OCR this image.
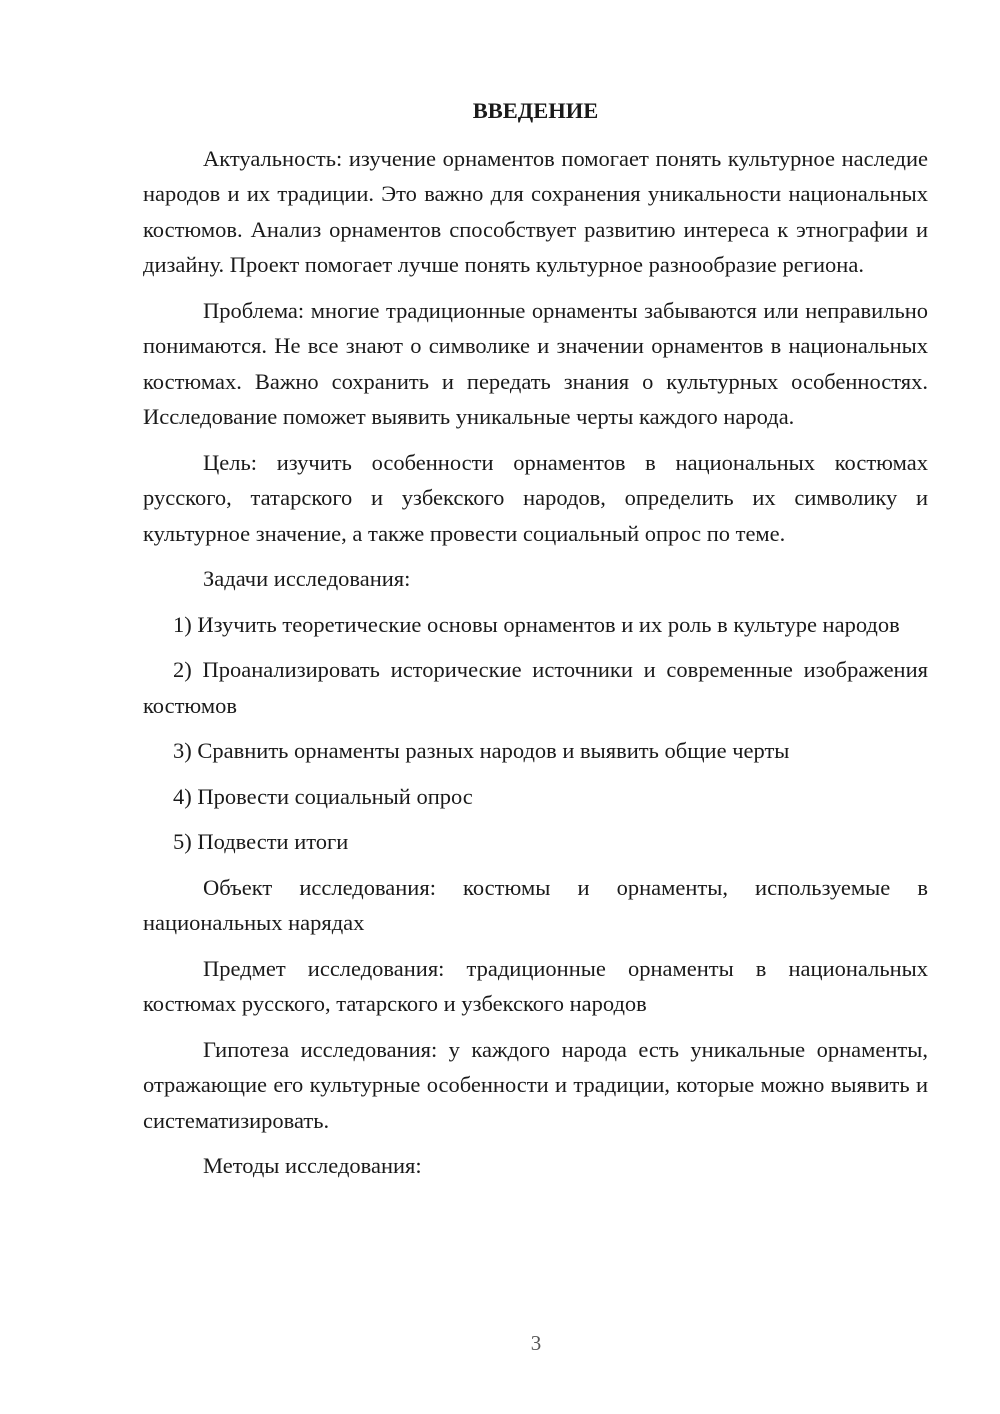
ВВЕДЕНИЕ

Актуальность: изучение орнаментов помогает понять культурное наследие народов и их традиции. Это важно для сохранения уникальности национальных костюмов. Анализ орнаментов способствует развитию интереса к этнографии и дизайну. Проект помогает лучше понять культурное разнообразие региона.

Проблема: многие традиционные орнаменты забываются или неправильно понимаются. Не все знают о символике и значении орнаментов в национальных костюмах. Важно сохранить и передать знания о культурных особенностях. Исследование поможет выявить уникальные черты каждого народа.

Цель: изучить особенности орнаментов в национальных костюмах русского, татарского и узбекского народов, определить их символику и культурное значение, а также провести социальный опрос по теме.

Задачи исследования:

1) Изучить теоретические основы орнаментов и их роль в культуре народов

2) Проанализировать исторические источники и современные изображения костюмов

3) Сравнить орнаменты разных народов и выявить общие черты

4) Провести социальный опрос

5) Подвести итоги

Объект исследования: костюмы и орнаменты, используемые в национальных нарядах

Предмет исследования: традиционные орнаменты в национальных костюмах русского, татарского и узбекского народов

Гипотеза исследования: у каждого народа есть уникальные орнаменты, отражающие его культурные особенности и традиции, которые можно выявить и систематизировать.

Методы исследования:

3
